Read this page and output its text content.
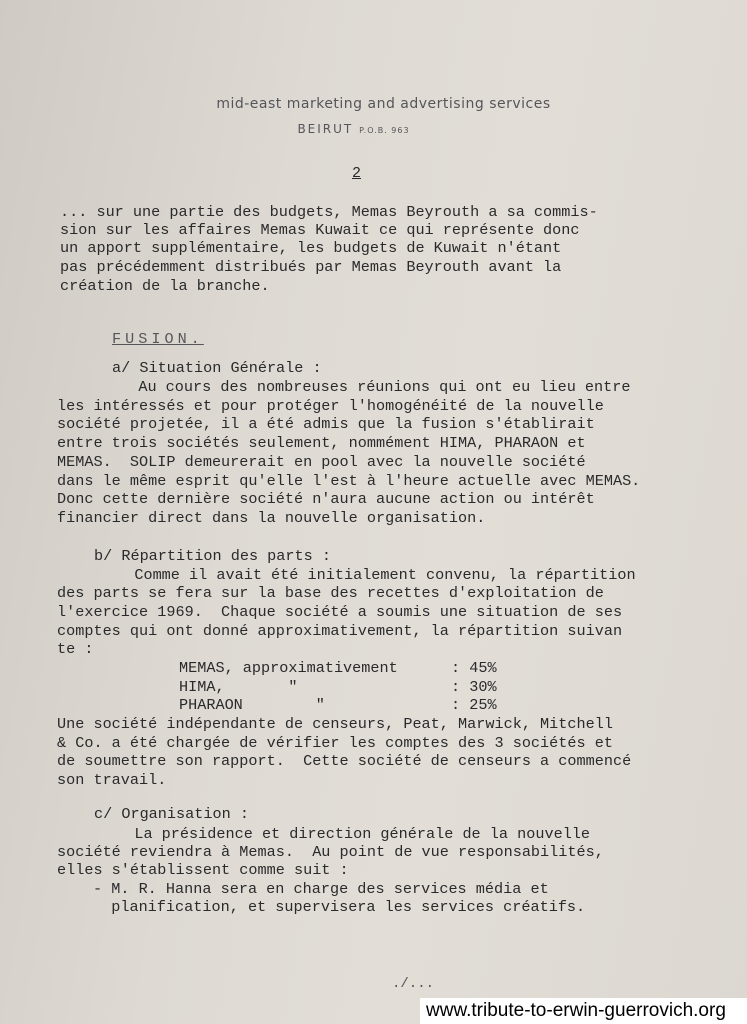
mid-east marketing and advertising services
BEIRUT P.O.B. 963
2
... sur une partie des budgets, Memas Beyrouth a sa commis-
sion sur les affaires Memas Kuwait ce qui représente donc
un apport supplémentaire, les budgets de Kuwait n'étant
pas précédemment distribués par Memas Beyrouth avant la
création de la branche.
FUSION.
a/ Situation Générale :
Au cours des nombreuses réunions qui ont eu lieu entre
les intéressés et pour protéger l'homogénéité de la nouvelle
société projetée, il a été admis que la fusion s'établirait
entre trois sociétés seulement, nommément HIMA, PHARAON et
MEMAS.  SOLIP demeurerait en pool avec la nouvelle société
dans le même esprit qu'elle l'est à l'heure actuelle avec MEMAS.
Donc cette dernière société n'aura aucune action ou intérêt
financier direct dans la nouvelle organisation.
b/ Répartition des parts :
Comme il avait été initialement convenu, la répartition
des parts se fera sur la base des recettes d'exploitation de
l'exercice 1969.  Chaque société a soumis une situation de ses
comptes qui ont donné approximativement, la répartition suivan
te :
MEMAS, approximativement	: 45%
HIMA,       "	: 30%
PHARAON        "	: 25%
Une société indépendante de censeurs, Peat, Marwick, Mitchell
& Co. a été chargée de vérifier les comptes des 3 sociétés et
de soumettre son rapport.  Cette société de censeurs a commencé
son travail.
c/ Organisation :
La présidence et direction générale de la nouvelle
société reviendra à Memas.  Au point de vue responsabilités,
elles s'établissent comme suit :
- M. R. Hanna sera en charge des services média et
planification, et supervisera les services créatifs.
./...
www.tribute-to-erwin-guerrovich.org
